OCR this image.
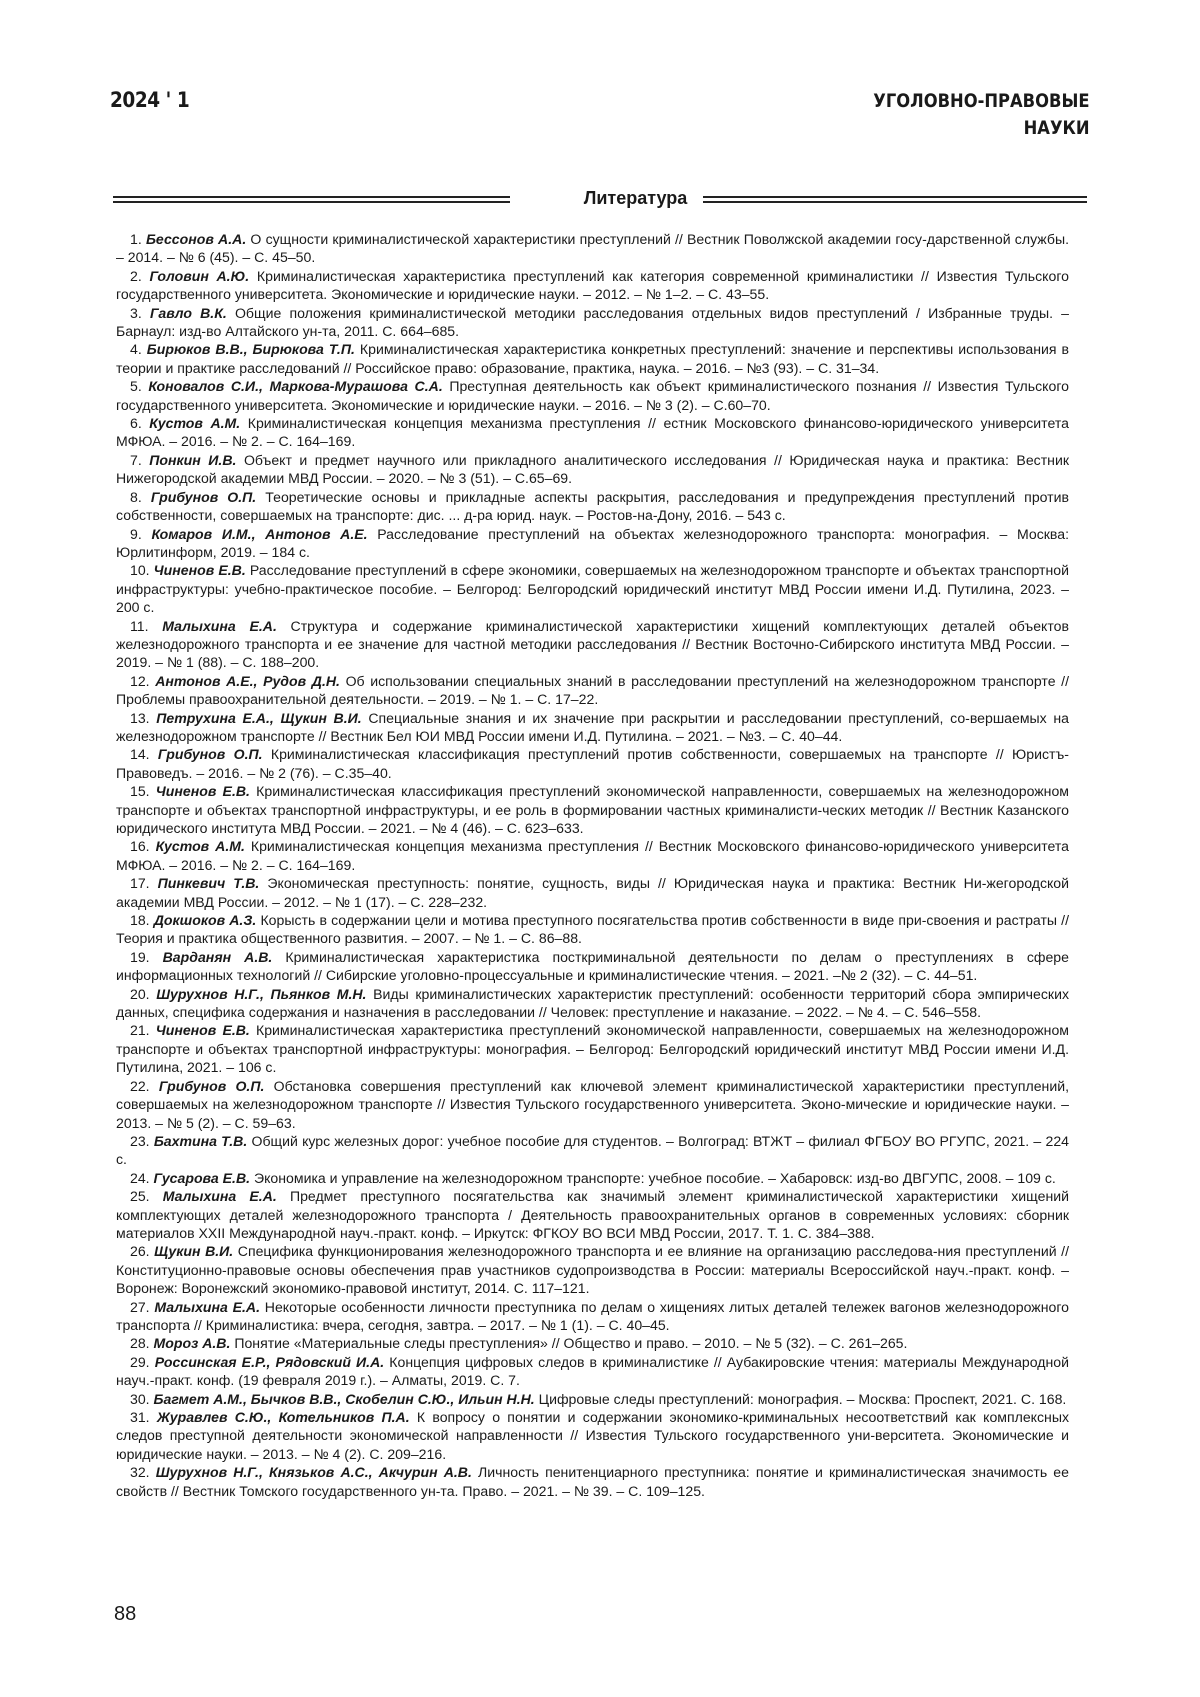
2024 ' 1	УГОЛОВНО-ПРАВОВЫЕ
НАУКИ
Литература

1. Бессонов А.А. О сущности криминалистической характеристики преступлений // Вестник Поволжской академии госу-дарственной службы. – 2014. – № 6 (45). – С. 45–50.

2. Головин А.Ю. Криминалистическая характеристика преступлений как категория современной криминалистики // Известия Тульского государственного университета. Экономические и юридические науки. – 2012. – № 1–2. – С. 43–55.

3. Гавло В.К. Общие положения криминалистической методики расследования отдельных видов преступлений / Избранные труды. – Барнаул: изд-во Алтайского ун-та, 2011. С. 664–685.

4. Бирюков В.В., Бирюкова Т.П. Криминалистическая характеристика конкретных преступлений: значение и перспективы использования в теории и практике расследований // Российское право: образование, практика, наука. – 2016. – №3 (93). – С. 31–34.

5. Коновалов С.И., Маркова-Мурашова С.А. Преступная деятельность как объект криминалистического познания // Известия Тульского государственного университета. Экономические и юридические науки. – 2016. – № 3 (2). – С.60–70.

6. Кустов А.М. Криминалистическая концепция механизма преступления // естник Московского финансово-юридического университета МФЮА. – 2016. – № 2. – С. 164–169.

7. Понкин И.В. Объект и предмет научного или прикладного аналитического исследования // Юридическая наука и практика: Вестник Нижегородской академии МВД России. – 2020. – № 3 (51). – С.65–69.

8. Грибунов О.П. Теоретические основы и прикладные аспекты раскрытия, расследования и предупреждения преступлений против собственности, совершаемых на транспорте: дис. ... д-ра юрид. наук. – Ростов-на-Дону, 2016. – 543 с.

9. Комаров И.М., Антонов А.Е. Расследование преступлений на объектах железнодорожного транспорта: монография. – Москва: Юрлитинформ, 2019. – 184 с.

10. Чиненов Е.В. Расследование преступлений в сфере экономики, совершаемых на железнодорожном транспорте и объектах транспортной инфраструктуры: учебно-практическое пособие. – Белгород: Белгородский юридический институт МВД России имени И.Д. Путилина, 2023. – 200 с.

11. Малыхина Е.А. Структура и содержание криминалистической характеристики хищений комплектующих деталей объектов железнодорожного транспорта и ее значение для частной методики расследования // Вестник Восточно-Сибирского института МВД России. – 2019. – № 1 (88). – С. 188–200.

12. Антонов А.Е., Рудов Д.Н. Об использовании специальных знаний в расследовании преступлений на железнодорожном транспорте // Проблемы правоохранительной деятельности. – 2019. – № 1. – С. 17–22.

13. Петрухина Е.А., Щукин В.И. Специальные знания и их значение при раскрытии и расследовании преступлений, со-вершаемых на железнодорожном транспорте // Вестник Бел ЮИ МВД России имени И.Д. Путилина. – 2021. – №3. – С. 40–44.

14. Грибунов О.П. Криминалистическая классификация преступлений против собственности, совершаемых на транспорте // Юристъ-Правоведъ. – 2016. – № 2 (76). – С.35–40.

15. Чиненов Е.В. Криминалистическая классификация преступлений экономической направленности, совершаемых на железнодорожном транспорте и объектах транспортной инфраструктуры, и ее роль в формировании частных криминалисти-ческих методик // Вестник Казанского юридического института МВД России. – 2021. – № 4 (46). – С. 623–633.

16. Кустов А.М. Криминалистическая концепция механизма преступления // Вестник Московского финансово-юридического университета МФЮА. – 2016. – № 2. – С. 164–169.

17. Пинкевич Т.В. Экономическая преступность: понятие, сущность, виды // Юридическая наука и практика: Вестник Ни-жегородской академии МВД России. – 2012. – № 1 (17). – С. 228–232.

18. Докшоков А.З. Корысть в содержании цели и мотива преступного посягательства против собственности в виде при-своения и растраты // Теория и практика общественного развития. – 2007. – № 1. – С. 86–88.

19. Варданян А.В. Криминалистическая характеристика посткриминальной деятельности по делам о преступлениях в сфере информационных технологий // Сибирские уголовно-процессуальные и криминалистические чтения. – 2021. –№ 2 (32). – С. 44–51.

20. Шурухнов Н.Г., Пьянков М.Н. Виды криминалистических характеристик преступлений: особенности территорий сбора эмпирических данных, специфика содержания и назначения в расследовании // Человек: преступление и наказание. – 2022. – № 4. – С. 546–558.

21. Чиненов Е.В. Криминалистическая характеристика преступлений экономической направленности, совершаемых на железнодорожном транспорте и объектах транспортной инфраструктуры: монография. – Белгород: Белгородский юридический институт МВД России имени И.Д. Путилина, 2021. – 106 с.

22. Грибунов О.П. Обстановка совершения преступлений как ключевой элемент криминалистической характеристики преступлений, совершаемых на железнодорожном транспорте // Известия Тульского государственного университета. Эконо-мические и юридические науки. – 2013. – № 5 (2). – С. 59–63.

23. Бахтина Т.В. Общий курс железных дорог: учебное пособие для студентов. – Волгоград: ВТЖТ – филиал ФГБОУ ВО РГУПС, 2021. – 224 с.

24. Гусарова Е.В. Экономика и управление на железнодорожном транспорте: учебное пособие. – Хабаровск: изд-во ДВГУПС, 2008. – 109 с.

25. Малыхина Е.А. Предмет преступного посягательства как значимый элемент криминалистической характеристики хищений комплектующих деталей железнодорожного транспорта / Деятельность правоохранительных органов в современных условиях: сборник материалов XXII Международной науч.-практ. конф. – Иркутск: ФГКОУ ВО ВСИ МВД России, 2017. Т. 1. С. 384–388.

26. Щукин В.И. Специфика функционирования железнодорожного транспорта и ее влияние на организацию расследова-ния преступлений // Конституционно-правовые основы обеспечения прав участников судопроизводства в России: материалы Всероссийской науч.-практ. конф. – Воронеж: Воронежский экономико-правовой институт, 2014. С. 117–121.

27. Малыхина Е.А. Некоторые особенности личности преступника по делам о хищениях литых деталей тележек вагонов железнодорожного транспорта // Криминалистика: вчера, сегодня, завтра. – 2017. – № 1 (1). – С. 40–45.

28. Мороз А.В. Понятие «Материальные следы преступления» // Общество и право. – 2010. – № 5 (32). – С. 261–265.

29. Россинская Е.Р., Рядовский И.А. Концепция цифровых следов в криминалистике // Аубакировские чтения: материалы Международной науч.-практ. конф. (19 февраля 2019 г.). – Алматы, 2019. С. 7.

30. Багмет А.М., Бычков В.В., Скобелин С.Ю., Ильин Н.Н. Цифровые следы преступлений: монография. – Москва: Проспект, 2021. С. 168.

31. Журавлев С.Ю., Котельников П.А. К вопросу о понятии и содержании экономико-криминальных несоответствий как комплексных следов преступной деятельности экономической направленности // Известия Тульского государственного уни-верситета. Экономические и юридические науки. – 2013. – № 4 (2). С. 209–216.

32. Шурухнов Н.Г., Князьков А.С., Акчурин А.В. Личность пенитенциарного преступника: понятие и криминалистическая значимость ее свойств // Вестник Томского государственного ун-та. Право. – 2021. – № 39. – С. 109–125.

88
